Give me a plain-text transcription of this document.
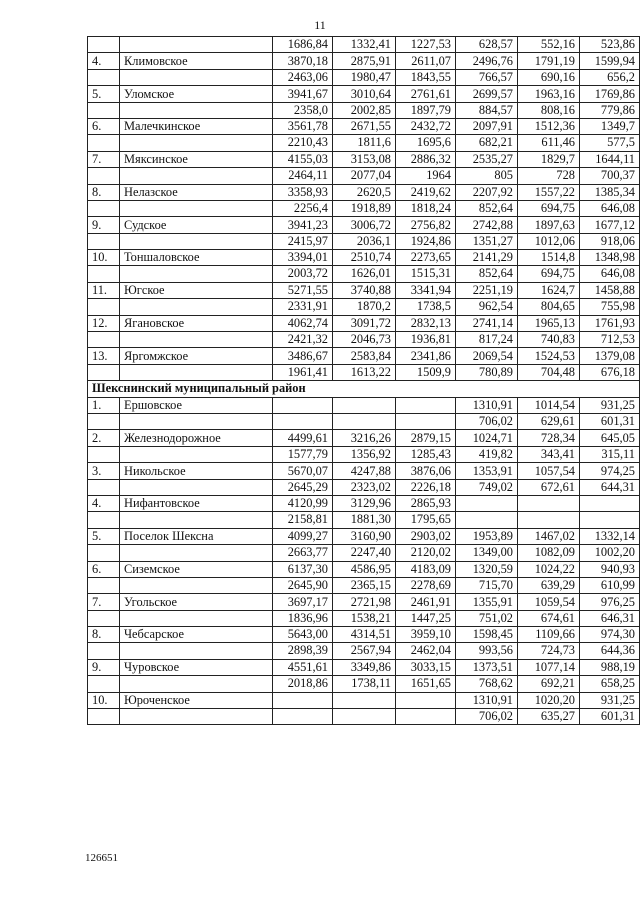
11
		1686,84	1332,41	1227,53	628,57	552,16	523,86
4.	Климовское	3870,18	2875,91	2611,07	2496,76	1791,19	1599,94
		2463,06	1980,47	1843,55	766,57	690,16	656,2
5.	Уломское	3941,67	3010,64	2761,61	2699,57	1963,16	1769,86
		2358,0	2002,85	1897,79	884,57	808,16	779,86
6.	Малечкинское	3561,78	2671,55	2432,72	2097,91	1512,36	1349,7
		2210,43	1811,6	1695,6	682,21	611,46	577,5
7.	Мяксинское	4155,03	3153,08	2886,32	2535,27	1829,7	1644,11
		2464,11	2077,04	1964	805	728	700,37
8.	Нелазское	3358,93	2620,5	2419,62	2207,92	1557,22	1385,34
		2256,4	1918,89	1818,24	852,64	694,75	646,08
9.	Судское	3941,23	3006,72	2756,82	2742,88	1897,63	1677,12
		2415,97	2036,1	1924,86	1351,27	1012,06	918,06
10.	Тоншаловское	3394,01	2510,74	2273,65	2141,29	1514,8	1348,98
		2003,72	1626,01	1515,31	852,64	694,75	646,08
11.	Югское	5271,55	3740,88	3341,94	2251,19	1624,7	1458,88
		2331,91	1870,2	1738,5	962,54	804,65	755,98
12.	Ягановское	4062,74	3091,72	2832,13	2741,14	1965,13	1761,93
		2421,32	2046,73	1936,81	817,24	740,83	712,53
13.	Яргомжское	3486,67	2583,84	2341,86	2069,54	1524,53	1379,08
		1961,41	1613,22	1509,9	780,89	704,48	676,18
Шекснинский муниципальный район							
1.	Ершовское				1310,91	1014,54	931,25
					706,02	629,61	601,31
2.	Железнодорожное	4499,61	3216,26	2879,15	1024,71	728,34	645,05
		1577,79	1356,92	1285,43	419,82	343,41	315,11
3.	Никольское	5670,07	4247,88	3876,06	1353,91	1057,54	974,25
		2645,29	2323,02	2226,18	749,02	672,61	644,31
4.	Нифантовское	4120,99	3129,96	2865,93			
		2158,81	1881,30	1795,65			
5.	Поселок Шексна	4099,27	3160,90	2903,02	1953,89	1467,02	1332,14
		2663,77	2247,40	2120,02	1349,00	1082,09	1002,20
6.	Сиземское	6137,30	4586,95	4183,09	1320,59	1024,22	940,93
		2645,90	2365,15	2278,69	715,70	639,29	610,99
7.	Угольское	3697,17	2721,98	2461,91	1355,91	1059,54	976,25
		1836,96	1538,21	1447,25	751,02	674,61	646,31
8.	Чебсарское	5643,00	4314,51	3959,10	1598,45	1109,66	974,30
		2898,39	2567,94	2462,04	993,56	724,73	644,36
9.	Чуровское	4551,61	3349,86	3033,15	1373,51	1077,14	988,19
		2018,86	1738,11	1651,65	768,62	692,21	658,25
10.	Юроченское				1310,91	1020,20	931,25
					706,02	635,27	601,31
126651
